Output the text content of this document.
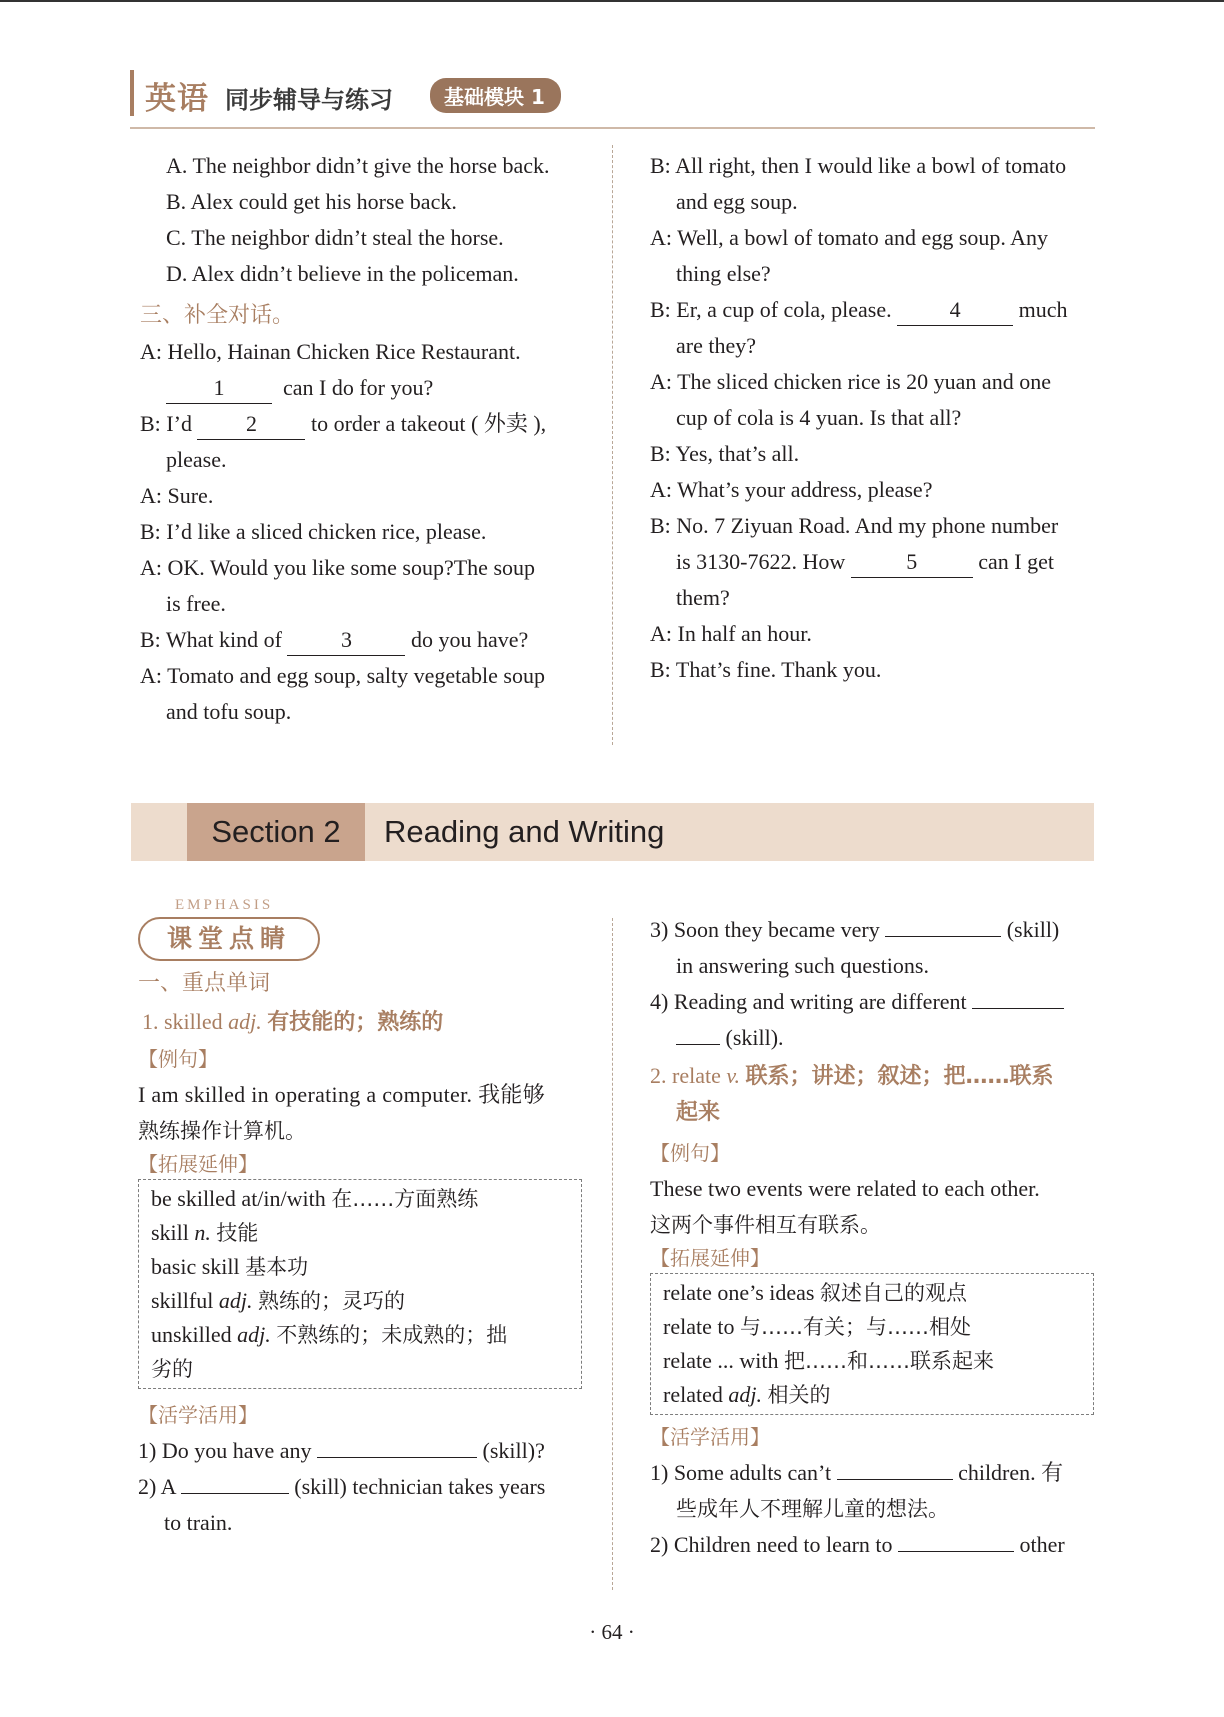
英语 同步辅导与练习	基础模块 1
A. The neighbor didn’t give the horse back.
B. Alex could get his horse back.
C. The neighbor didn’t steal the horse.
D. Alex didn’t believe in the policeman.
三、补全对话。
A: Hello, Hainan Chicken Rice Restaurant.
1	can I do for you?
B: I’d 2 to order a takeout ( 外卖 ),
please.
A: Sure.
B: I’d like a sliced chicken rice, please.
A: OK. Would you like some soup?The soup
is free.
B: What kind of	3	do you have?
A: Tomato and egg soup, salty vegetable soup
and tofu soup.
B: All right, then I would like a bowl of tomato
and egg soup.
A: Well, a bowl of tomato and egg soup. Any
thing else?
B: Er, a cup of cola, please.	4	much
are they?
A: The sliced chicken rice is 20 yuan and one
cup of cola is 4 yuan. Is that all?
B: Yes, that’s all.
A: What’s your address, please?
B: No. 7 Ziyuan Road. And my phone number
is 3130-7622. How	5	can I get
them?
A: In half an hour.
B: That’s fine. Thank you.
Section 2	Reading and Writing
EMPHASIS
课堂点睛
一、重点单词
1. skilled adj. 有技能的；熟练的
【例句】
I am skilled in operating a computer. 我能够
熟练操作计算机。
【拓展延伸】
be skilled at/in/with 在……方面熟练
skill n. 技能
basic skill 基本功
skillful adj. 熟练的；灵巧的
unskilled adj. 不熟练的；未成熟的；拙
劣的
【活学活用】
1) Do you have any	(skill)?
2) A	(skill) technician takes years
to train.
3) Soon they became very	(skill)
in answering such questions.
4) Reading and writing are different
(skill).
2. relate v. 联系；讲述；叙述；把……联系
起来
【例句】
These two events were related to each other.
这两个事件相互有联系。
【拓展延伸】
relate one’s ideas 叙述自己的观点
relate to 与……有关；与……相处
relate ... with 把……和……联系起来
related adj. 相关的
【活学活用】
1) Some adults can’t	children. 有
些成年人不理解儿童的想法。
2) Children need to learn to	other
· 64 ·
